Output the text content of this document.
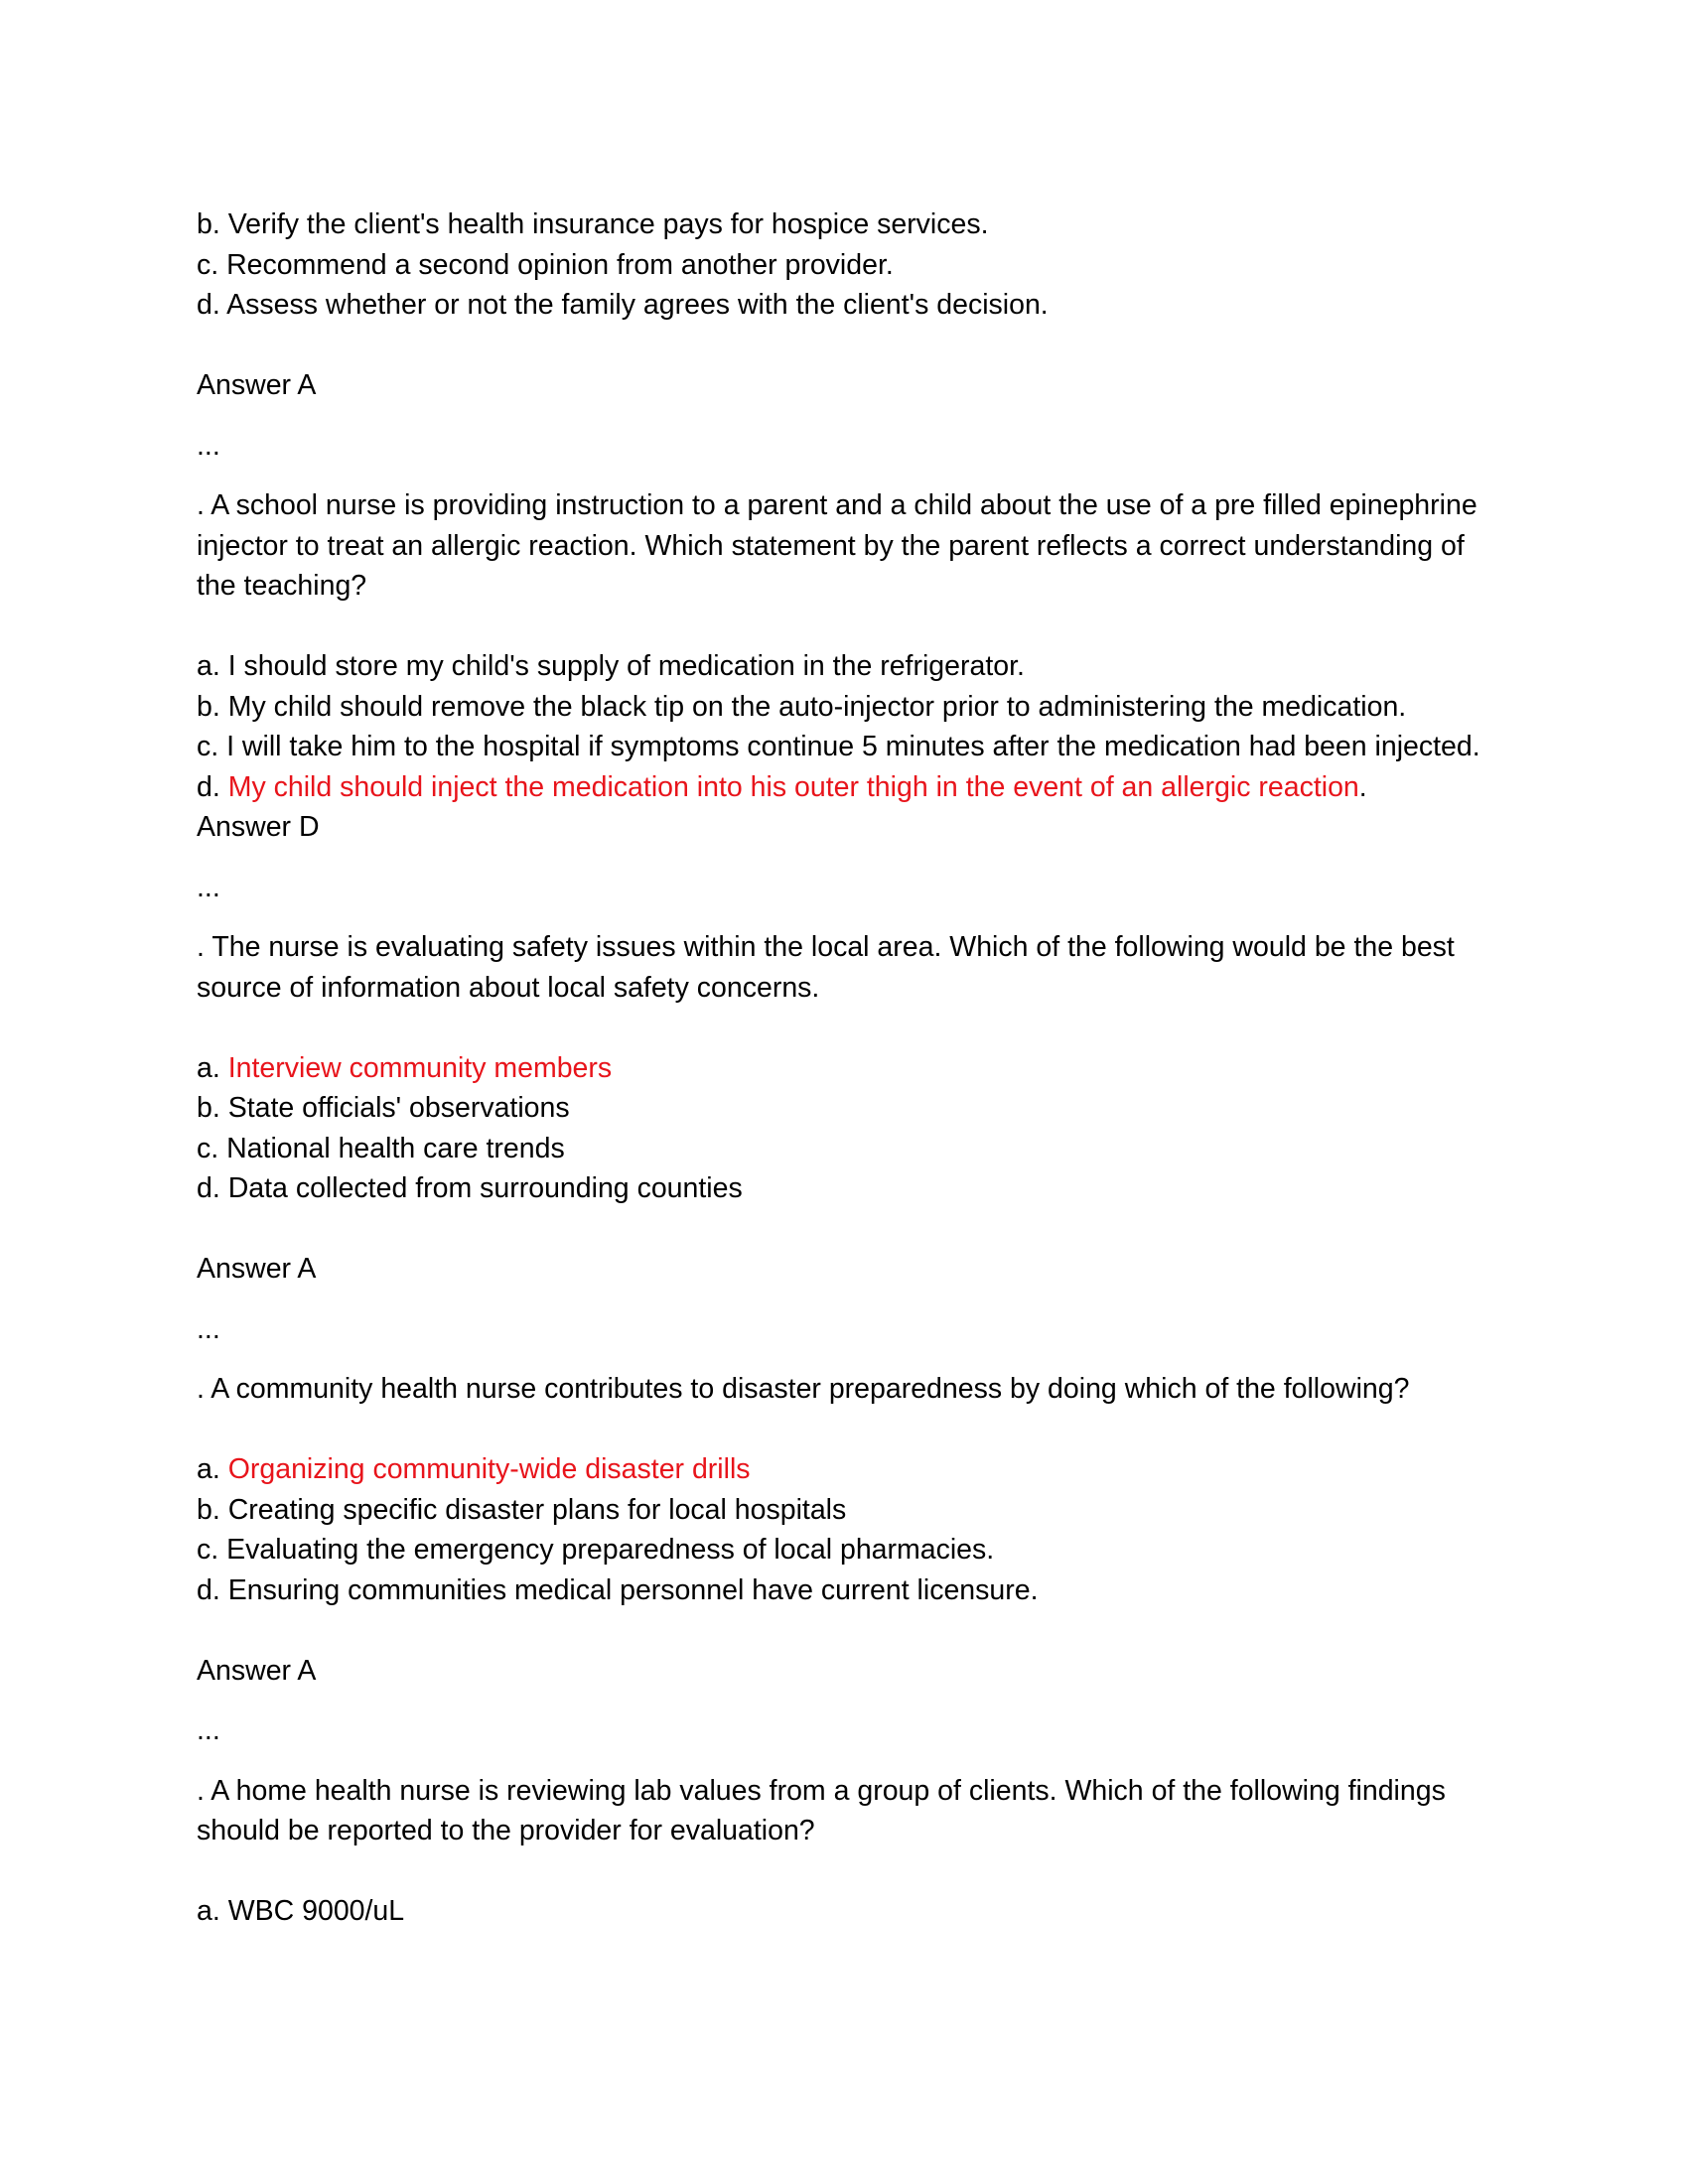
b. Verify the client's health insurance pays for hospice services.
c. Recommend a second opinion from another provider.
d. Assess whether or not the family agrees with the client's decision.
Answer A
...

. A school nurse is providing instruction to a parent and a child about the use of a pre filled epinephrine injector to treat an allergic reaction. Which statement by the parent reflects a correct understanding of the teaching?

a. I should store my child's supply of medication in the refrigerator.
b. My child should remove the black tip on the auto-injector prior to administering the medication.
c. I will take him to the hospital if symptoms continue 5 minutes after the medication had been injected.
d. My child should inject the medication into his outer thigh in the event of an allergic reaction.
Answer D
...

. The nurse is evaluating safety issues within the local area. Which of the following would be the best source of information about local safety concerns.

a. Interview community members
b. State officials' observations
c. National health care trends
d. Data collected from surrounding counties
Answer A
...

. A community health nurse contributes to disaster preparedness by doing which of the following?

a. Organizing community-wide disaster drills
b. Creating specific disaster plans for local hospitals
c. Evaluating the emergency preparedness of local pharmacies.
d. Ensuring communities medical personnel have current licensure.
Answer A
...

. A home health nurse is reviewing lab values from a group of clients. Which of the following findings should be reported to the provider for evaluation?

a. WBC 9000/uL
